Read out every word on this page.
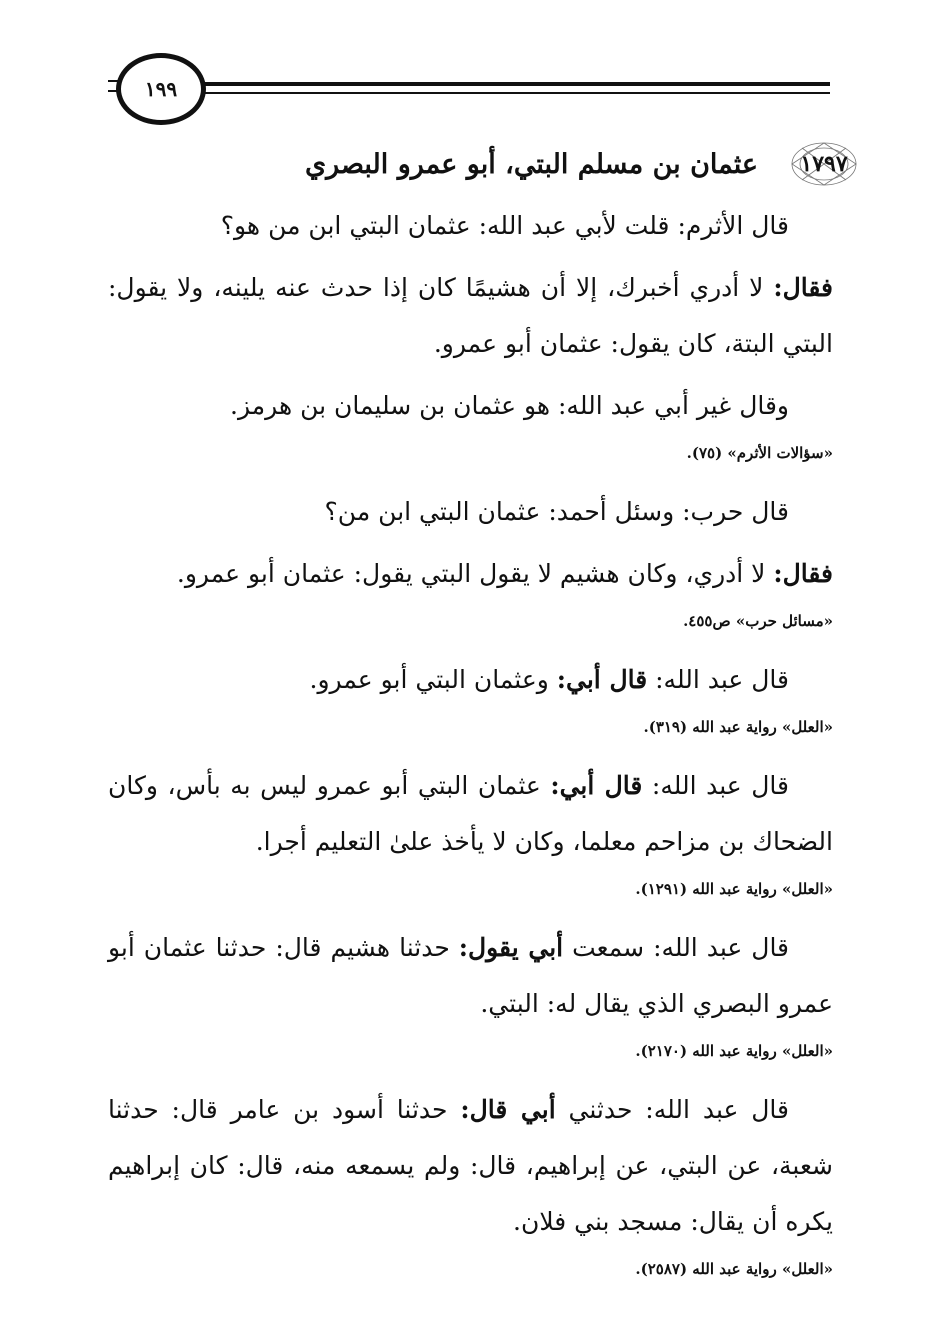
١٩٩
١٧٩٧
عثمان بن مسلم البتي، أبو عمرو البصري

قال الأثرم: قلت لأبي عبد الله: عثمان البتي ابن من هو؟

فقال: لا أدري أخبرك، إلا أن هشيمًا كان إذا حدث عنه يلينه، ولا يقول: البتي البتة، كان يقول: عثمان أبو عمرو.

وقال غير أبي عبد الله: هو عثمان بن سليمان بن هرمز.

«سؤالات الأثرم» (٧٥).

قال حرب: وسئل أحمد: عثمان البتي ابن من؟

فقال: لا أدري، وكان هشيم لا يقول البتي يقول: عثمان أبو عمرو.

«مسائل حرب» ص٤٥٥.

قال عبد الله: قال أبي: وعثمان البتي أبو عمرو.

«العلل» رواية عبد الله (٣١٩).

قال عبد الله: قال أبي: عثمان البتي أبو عمرو ليس به بأس، وكان الضحاك بن مزاحم معلما، وكان لا يأخذ علىٰ التعليم أجرا.

«العلل» رواية عبد الله (١٢٩١).

قال عبد الله: سمعت أبي يقول: حدثنا هشيم قال: حدثنا عثمان أبو عمرو البصري الذي يقال له: البتي.

«العلل» رواية عبد الله (٢١٧٠).

قال عبد الله: حدثني أبي قال: حدثنا أسود بن عامر قال: حدثنا شعبة، عن البتي، عن إبراهيم، قال: ولم يسمعه منه، قال: كان إبراهيم يكره أن يقال: مسجد بني فلان.

«العلل» رواية عبد الله (٢٥٨٧).
